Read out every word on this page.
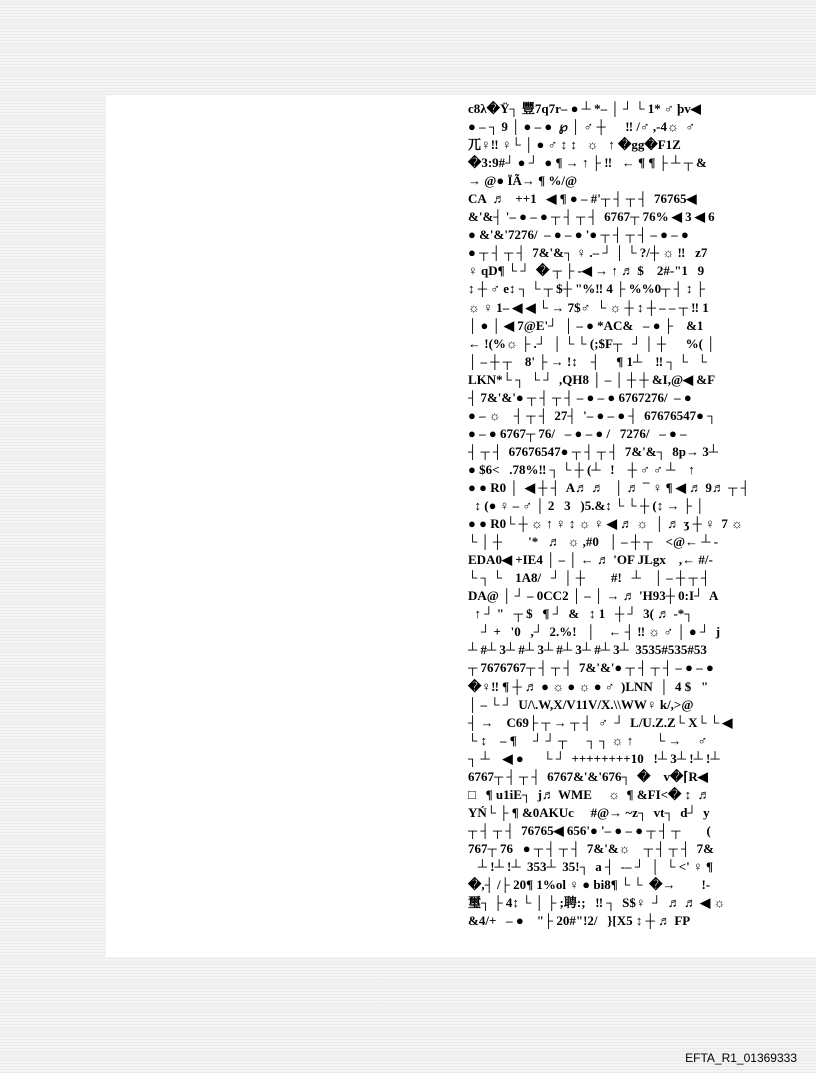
c8λ�Ϋ┐ 豐7q7r– ● ┴ *– │ ┘ └ 1* ♂ þv◀
● – ┐ 9 │ ● – ●  ℘ │ ♂ ┼      ‼ /♂ ,-4☼  ♂
兀♀‼ ♀└ │ ● ♂ ↕ ↕   ☼   ↑ �gg�F1Z
�3:9#┘ ● ┘  ● ¶ → ↑ ├ ‼   ← ¶ ¶ ├ ┴ ┬ &
→ @● ÏÃ→ ¶ %/@
CA  ♬   ++1   ◀ ¶ ● – #'┬ ┤ ┬ ┤  76765◀
&'&┤ '– ● – ● ┬ ┤ ┬ ┤  6767┬ 76% ◀ 3 ◀ 6
● &'&'7276/  – ● – ● '● ┬ ┤ ┬ ┤ – ● – ●
● ┬ ┤ ┬ ┤  7&'&┐ ♀ .– ┘ │ └ ?/┼ ☼ ‼   z7
♀ qD¶ └ ┘  � ┬ ├ -◀ → ↑ ♬ $    2#-"1   9
↕ ┼ ♂ e↕ ┐ └ ┬ $┼ "%‼ 4 ├ %%0┬ ┤ ↕ ├
☼ ♀ 1– ◀ ◀ └ → 7$♂  └ ☼ ┼ ↕ ┼ – – ┬ ‼ 1
│ ● │ ◀ 7@E'┘  │ – ● *AC&   – ● ├    &1
← !(%☼ ├ .┘  │ └ └ (;$F┬   ┘ │ ┼      %( │
│ – ┼ ┬    8' ├ → !↕    ┤     ¶ 1┴    ‼ ┐ └   └
LKN*└ ┐  └ ┘  ,QH8 │ – │ ┼ ┼ &I,@◀ &F
┤ 7&'&'● ┬ ┤ ┬ ┤ – ● – ● 6767276/  – ●
● – ☼    ┤ ┬ ┤  27┤  '– ● – ● ┤  67676547● ┐
● – ● 6767┬ 76/   – ● – ● /   7276/   – ● –
┤ ┬ ┤  67676547● ┬ ┤ ┬ ┤  7&'&┐  8p→ 3┴
● $6<   .78%‼ ┐ └ ┼ (┴   !    ┼ ♂ ♂ ┴    ↑
● ● R0 │  ◀ ┼ ┤  A♬ ♬   │ ♬ ¯ ♀ ¶ ◀ ♬ 9♬ ┬ ┤
↕ (● ♀ – ♂ │ 2   3   )5.&↕ └ └ ┼ (↕ → ├ │
● ● R0└ ┼ ☼ ↑ ♀ ↕ ☼ ♀ ◀ ♬ ☼  │ ♬ ʒ ┼ ♀  7 ☼
└ │ ┼        '*   ♬  ☼ ,#0   │ – ┼ ┬    <@← ┴ -
EDA0◀ +IE4 │ – │ ← ♬ 'OF JLgx    ,← #/-
└ ┐ └    1A8/   ┘ │ ┼        #!   ┴    │ – ┼ ┬ ┤
DA@ │ ┘ – 0CC2 │ – │ → ♬ 'H93┼ 0:I┘  A
↑ ┘ "   ┬ $   ¶ ┘  &   ↕ 1   ┼ ┘  3( ♬ -*┐
┘ +   '0   ,┘  2.%!   │    ← ┤ ‼ ☼ ♂ │ ● ┘  j
┴ #┴ 3┴ #┴ 3┴ #┴ 3┴ #┴ 3┴  3535#535#53
┬ 7676767┬ ┤ ┬ ┤  7&'&'● ┬ ┤ ┬ ┤ – ● – ●
�♀‼ ¶ ┼ ♬ ● ☼ ● ☼ ● ♂  )LNN  │  4 $   "
│ – └ ┘  U/\.W,X/V11V/X.\\WW♀ k/,>@
┤ →    C69├ ┬ → ┬ ┤  ♂  ┘  L/U.Z.Z└ X└ └ ◀
└ ↕    – ¶     ┘ ┘ ┬      ┐ ┐ ☼ ↑       └ →     ♂
┐ ┴    ◀ ●      └ ┘  ++++++++10   !┴ 3┴ !┴ !┴
6767┬ ┤ ┬ ┤  6767&'&'676┐  �    v�⌈R◀
□   ¶ u1iE┐  j♬ WME     ☼  ¶ &FI<� ↕  ♬
YŃ└ ├ ¶ &0AKUc⃞  #@→ ~z┐  vt┐  d┘  y
┬ ┤ ┬ ┤  76765◀ 656'● '– ● – ● ┬ ┤ ┬        (
767┬ 76   ● ┬ ┤ ┬ ┤  7&'&☼    ┬ ┤ ┬ ┤  7&
┴ !┴ !┴  353┴  35!┐  a ┤  -– ┘  │  └ <' ♀ ¶
�,┤ /├ 20¶ 1%ol ♀ ● bi8¶ └ └  �→        !-
璽┐ ├ 4↕ └ │ ├ ;聘:;   ‼ ┐  S$♀  ┘  ♬ ♬ ◀ ☼
&4/+   – ●    "├ 20#"!2/   }[X5 ↕ ┼ ♬ FP
EFTA_R1_01369333
